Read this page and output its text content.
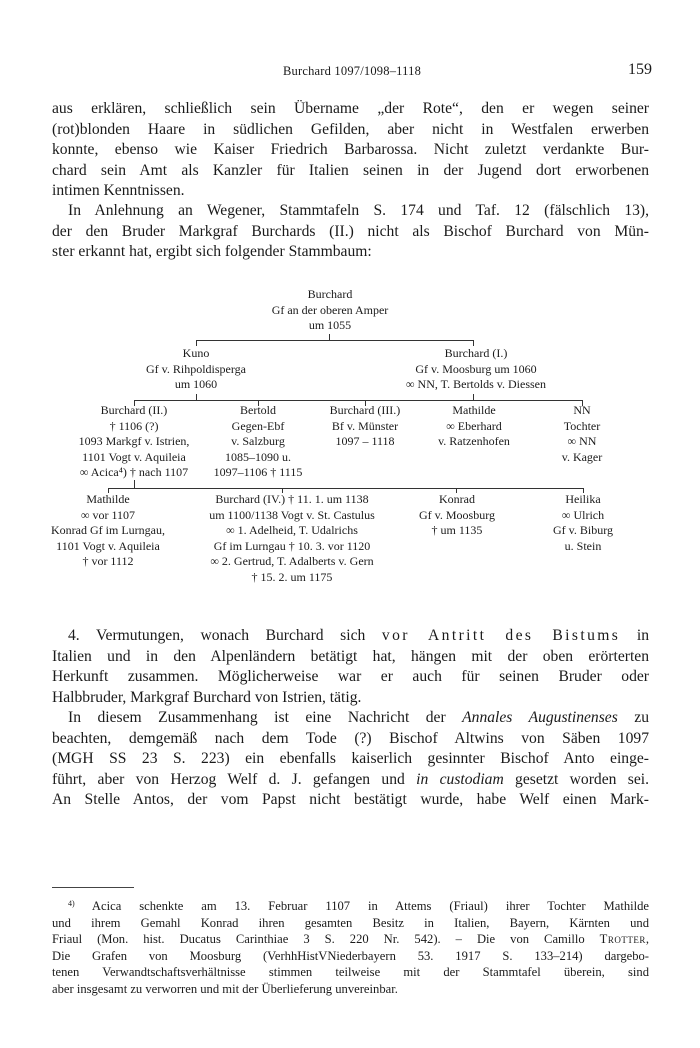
Burchard 1097/1098–1118	159
aus erklären, schließlich sein Übername „der Rote“, den er wegen seiner
(rot)blonden Haare in südlichen Gefilden, aber nicht in Westfalen erwerben
konnte, ebenso wie Kaiser Friedrich Barbarossa. Nicht zuletzt verdankte Bur-
chard sein Amt als Kanzler für Italien seinen in der Jugend dort erworbenen
intimen Kenntnissen.
In Anlehnung an Wegener, Stammtafeln S. 174 und Taf. 12 (fälschlich 13),
der den Bruder Markgraf Burchards (II.) nicht als Bischof Burchard von Mün-
ster erkannt hat, ergibt sich folgender Stammbaum:
Burchard
Gf an der oberen Amper
um 1055
Kuno
Gf v. Rihpoldisperga
um 1060
Burchard (I.)
Gf v. Moosburg um 1060
∞ NN, T. Bertolds v. Diessen
Burchard (II.)
† 1106 (?)
1093 Markgf v. Istrien,
1101 Vogt v. Aquileia
∞ Acica⁴) † nach 1107
Bertold
Gegen-Ebf
v. Salzburg
1085–1090 u.
1097–1106 † 1115
Burchard (III.)
Bf v. Münster
1097 – 1118
Mathilde
∞ Eberhard
v. Ratzenhofen
NN
Tochter
∞ NN
v. Kager
Mathilde
∞ vor 1107
Konrad Gf im Lurngau,
1101 Vogt v. Aquileia
† vor 1112
Burchard (IV.) † 11. 1. um 1138
um 1100/1138 Vogt v. St. Castulus
∞ 1. Adelheid, T. Udalrichs
Gf im Lurngau † 10. 3. vor 1120
∞ 2. Gertrud, T. Adalberts v. Gern
† 15. 2. um 1175
Konrad
Gf v. Moosburg
† um 1135
Heilika
∞ Ulrich
Gf v. Biburg
u. Stein
4. Vermutungen, wonach Burchard sich vor Antritt des Bistums in
Italien und in den Alpenländern betätigt hat, hängen mit der oben erörterten
Herkunft zusammen. Möglicherweise war er auch für seinen Bruder oder
Halbbruder, Markgraf Burchard von Istrien, tätig.
In diesem Zusammenhang ist eine Nachricht der Annales Augustinenses zu
beachten, demgemäß nach dem Tode (?) Bischof Altwins von Säben 1097
(MGH SS 23 S. 223) ein ebenfalls kaiserlich gesinnter Bischof Anto einge-
führt, aber von Herzog Welf d. J. gefangen und in custodiam gesetzt worden sei.
An Stelle Antos, der vom Papst nicht bestätigt wurde, habe Welf einen Mark-
$^{4)}$ Acica schenkte am 13. Februar 1107 in Attems (Friaul) ihrer Tochter Mathilde
und ihrem Gemahl Konrad ihren gesamten Besitz in Italien, Bayern, Kärnten und
Friaul (Mon. hist. Ducatus Carinthiae 3 S. 220 Nr. 542). – Die von Camillo Trotter,
Die Grafen von Moosburg (VerhhHistVNiederbayern 53. 1917 S. 133–214) dargebo-
tenen Verwandtschaftsverhältnisse stimmen teilweise mit der Stammtafel überein, sind
aber insgesamt zu verworren und mit der Überlieferung unvereinbar.
